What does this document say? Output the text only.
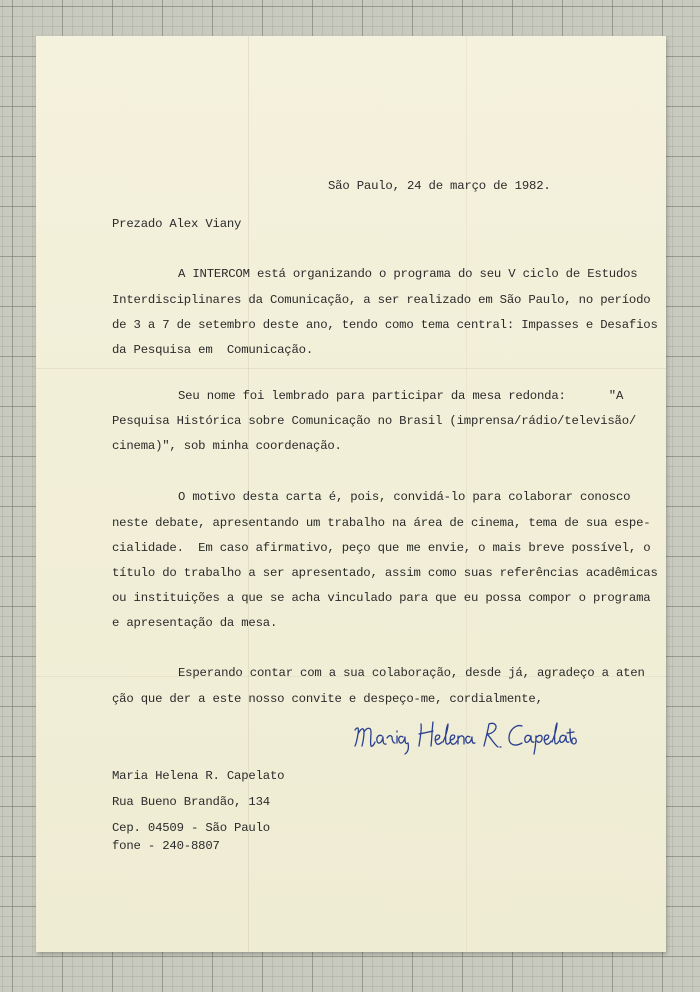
São Paulo, 24 de março de 1982.
Prezado Alex Viany
A INTERCOM está organizando o programa do seu V ciclo de Estudos
Interdisciplinares da Comunicação, a ser realizado em São Paulo, no período
de 3 a 7 de setembro deste ano, tendo como tema central: Impasses e Desafios
da Pesquisa em  Comunicação.
Seu nome foi lembrado para participar da mesa redonda:      "A
Pesquisa Histórica sobre Comunicação no Brasil (imprensa/rádio/televisão/
cinema)", sob minha coordenação.
O motivo desta carta é, pois, convidá-lo para colaborar conosco
neste debate, apresentando um trabalho na área de cinema, tema de sua espe-
cialidade.  Em caso afirmativo, peço que me envie, o mais breve possível, o
título do trabalho a ser apresentado, assim como suas referências acadêmicas
ou instituições a que se acha vinculado para que eu possa compor o programa
e apresentação da mesa.
Esperando contar com a sua colaboração, desde já, agradeço a aten
ção que der a este nosso convite e despeço-me, cordialmente,
Maria Helena R. Capelato
Rua Bueno Brandão, 134
Cep. 04509 - São Paulo
fone - 240-8807
